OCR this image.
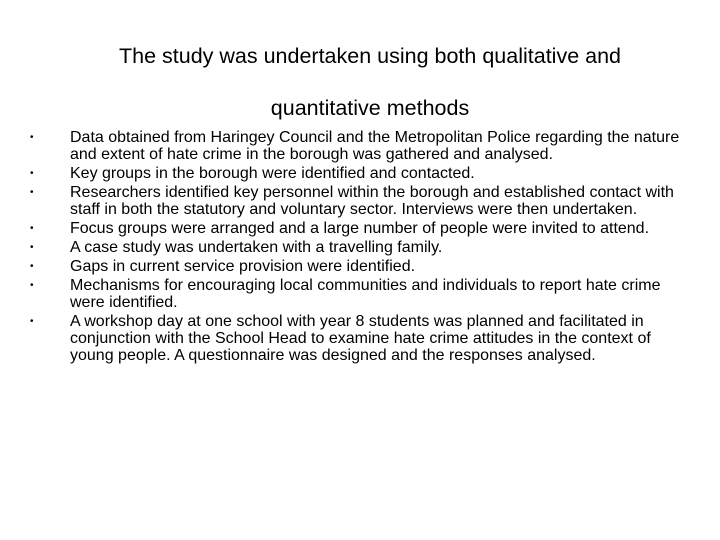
The study was undertaken using both qualitative and
quantitative methods
• Data obtained from Haringey Council and the Metropolitan Police regarding the nature and extent of hate crime in the borough was gathered and analysed.
• Key groups in the borough were identified and contacted.
• Researchers identified key personnel within the borough and established contact with staff in both the statutory and voluntary sector. Interviews were then undertaken.
• Focus groups were arranged and a large number of people were invited to attend.
• A case study was undertaken with a travelling family.
• Gaps in current service provision were identified.
• Mechanisms for encouraging local communities and individuals to report hate crime were identified.
• A workshop day at one school with year 8 students was planned and facilitated in conjunction with the School Head to examine hate crime attitudes in the context of young people. A questionnaire was designed and the responses analysed.
